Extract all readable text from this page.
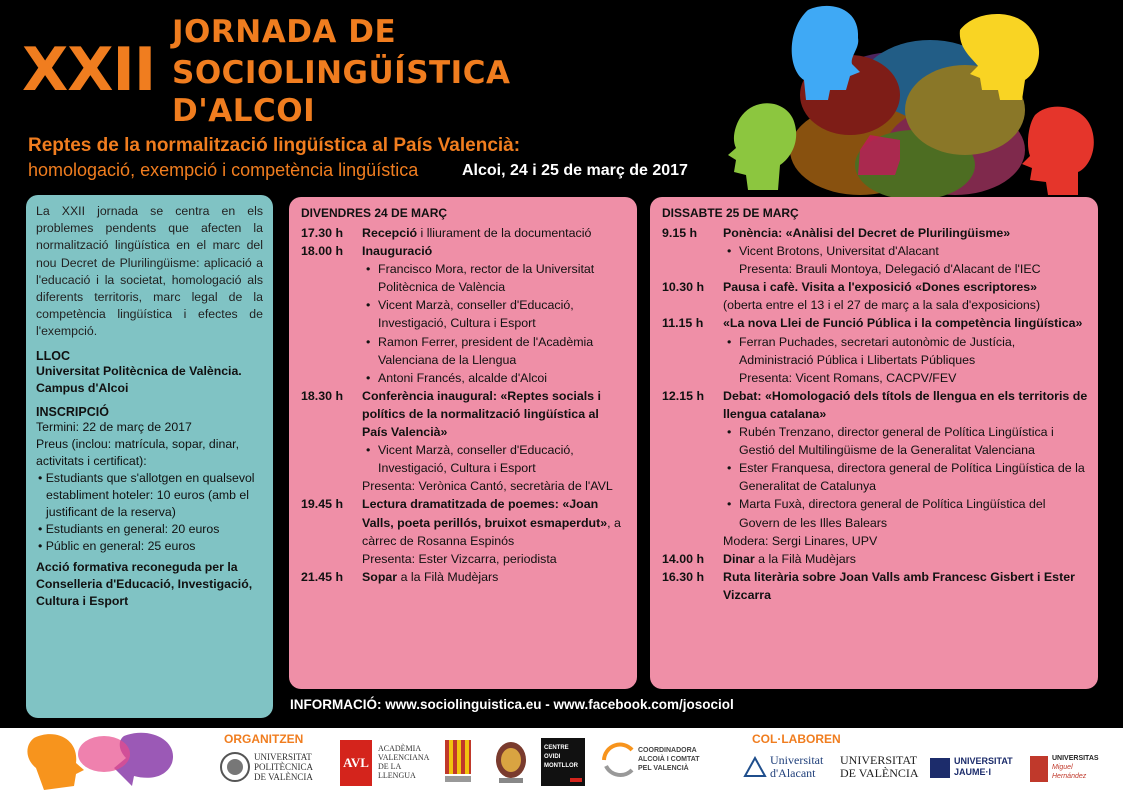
XXII
JORNADA DE
SOCIOLINGÜÍSTICA
D'ALCOI
Reptes de la normalització lingüística al País Valencià:
homologació, exempció i competència lingüística	Alcoi, 24 i 25 de març de 2017
La XXII jornada se centra en els problemes pendents que afecten la normalització lingüística en el marc del nou Decret de Plurilingüisme: aplicació a l'educació i la societat, homologació als diferents territoris, marc legal de la competència lingüística i efectes de l'exempció.
LLOC
Universitat Politècnica de València.
Campus d'Alcoi
INSCRIPCIÓ
Termini: 22 de març de 2017
Preus (inclou: matrícula, sopar, dinar, activitats i certificat):
• Estudiants que s'allotgen en qualsevol establiment hoteler: 10 euros (amb el justificant de la reserva)
• Estudiants en general: 20 euros
• Públic en general: 25 euros
Acció formativa reconeguda per la Conselleria d'Educació, Investigació, Cultura i Esport
DIVENDRES 24 DE MARÇ
17.30 h	Recepció i lliurament de la documentació
18.00 h	Inauguració
• Francisco Mora, rector de la Universitat Politècnica de València
• Vicent Marzà, conseller d'Educació, Investigació, Cultura i Esport
• Ramon Ferrer, president de l'Acadèmia Valenciana de la Llengua
• Antoni Francés, alcalde d'Alcoi
18.30 h	Conferència inaugural: «Reptes socials i polítics de la normalització lingüística al País Valencià»
• Vicent Marzà, conseller d'Educació, Investigació, Cultura i Esport
Presenta: Verònica Cantó, secretària de l'AVL
19.45 h	Lectura dramatitzada de poemes: «Joan Valls, poeta perillós, bruixot esmaperdut», a càrrec de Rosanna Espinós
Presenta: Ester Vizcarra, periodista
21.45 h	Sopar a la Filà Mudèjars
DISSABTE 25 DE MARÇ
9.15 h	Ponència: «Anàlisi del Decret de Plurilingüisme»
• Vicent Brotons, Universitat d'Alacant
Presenta: Brauli Montoya, Delegació d'Alacant de l'IEC
10.30 h	Pausa i cafè. Visita a l'exposició «Dones escriptores»
(oberta entre el 13 i el 27 de març a la sala d'exposicions)
11.15 h	«La nova Llei de Funció Pública i la competència lingüística»
• Ferran Puchades, secretari autonòmic de Justícia, Administració Pública i Llibertats Públiques
Presenta: Vicent Romans, CACPV/FEV
12.15 h	Debat: «Homologació dels títols de llengua en els territoris de llengua catalana»
• Rubén Trenzano, director general de Política Lingüística i Gestió del Multilingüisme de la Generalitat Valenciana
• Ester Franquesa, directora general de Política Lingüística de la Generalitat de Catalunya
• Marta Fuxà, directora general de Política Lingüística del Govern de les Illes Balears
Modera: Sergi Linares, UPV
14.00 h	Dinar a la Filà Mudèjars
16.30 h	Ruta literària sobre Joan Valls amb Francesc Gisbert i Ester Vizcarra
INFORMACIÓ: www.sociolinguistica.eu - www.facebook.com/josociol
ORGANITZEN	COL·LABOREN
UNIVERSITAT
POLITÈCNICA
DE VALÈNCIA
AVL
ACADÈMIA
VALENCIANA
DE LA
LLENGUA
CENTRE
OVIDI
MONTLLOR
COORDINADORA
ALCOIÀ I COMTAT
PEL VALENCIÀ
Universitat
d'Alacant
UNIVERSITAT
DE VALÈNCIA
UNIVERSITAT
JAUME·I
UNIVERSITAS
Miguel
Hernández
